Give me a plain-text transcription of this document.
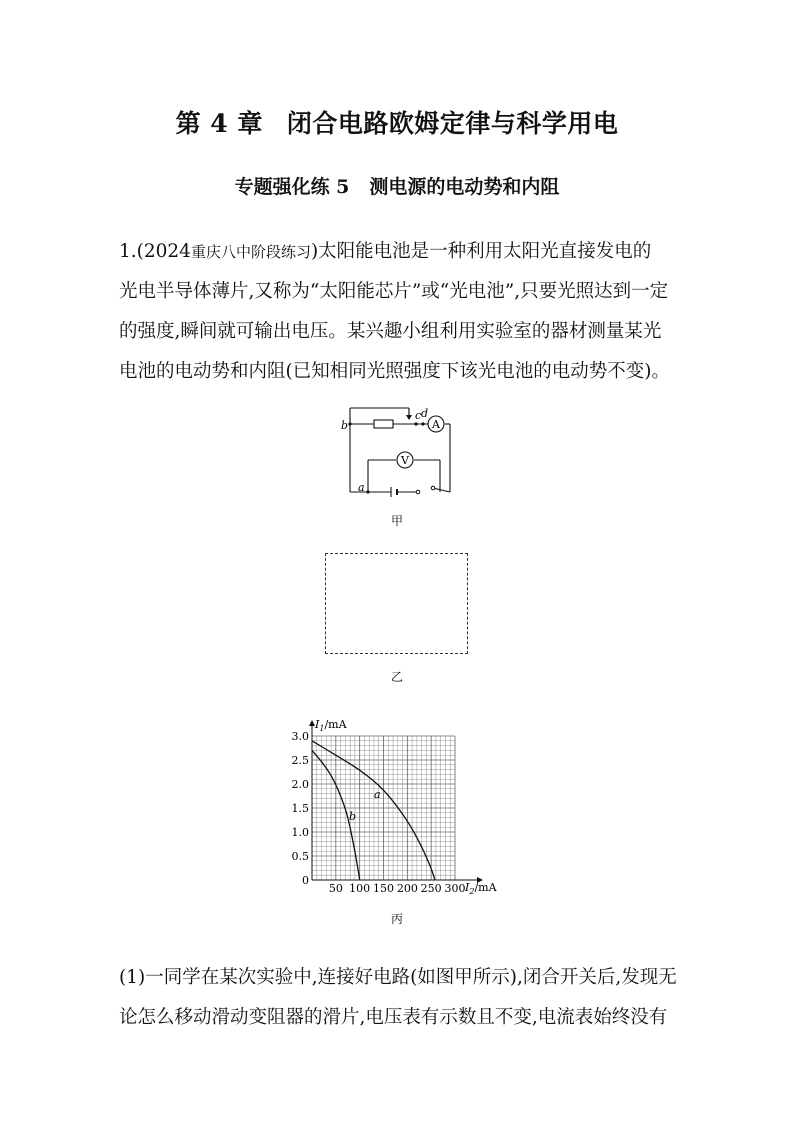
第 4 章 闭合电路欧姆定律与科学用电
专题强化练 5 测电源的电动势和内阻
1.(2024重庆八中阶段练习)太阳能电池是一种利用太阳光直接发电的
光电半导体薄片,又称为“太阳能芯片”或“光电池”,只要光照达到一定
的强度,瞬间就可输出电压。某兴趣小组利用实验室的器材测量某光
电池的电动势和内阻(已知相同光照强度下该光电池的电动势不变)。
A
V
b
c d
a
甲
乙
0
0.5
1.0
1.5
2.0
2.5
3.0
50 100 150 200 250 300
$I_1/mA$
$I_2/mA$
a
b
丙
(1)一同学在某次实验中,连接好电路(如图甲所示),闭合开关后,发现无
论怎么移动滑动变阻器的滑片,电压表有示数且不变,电流表始终没有
